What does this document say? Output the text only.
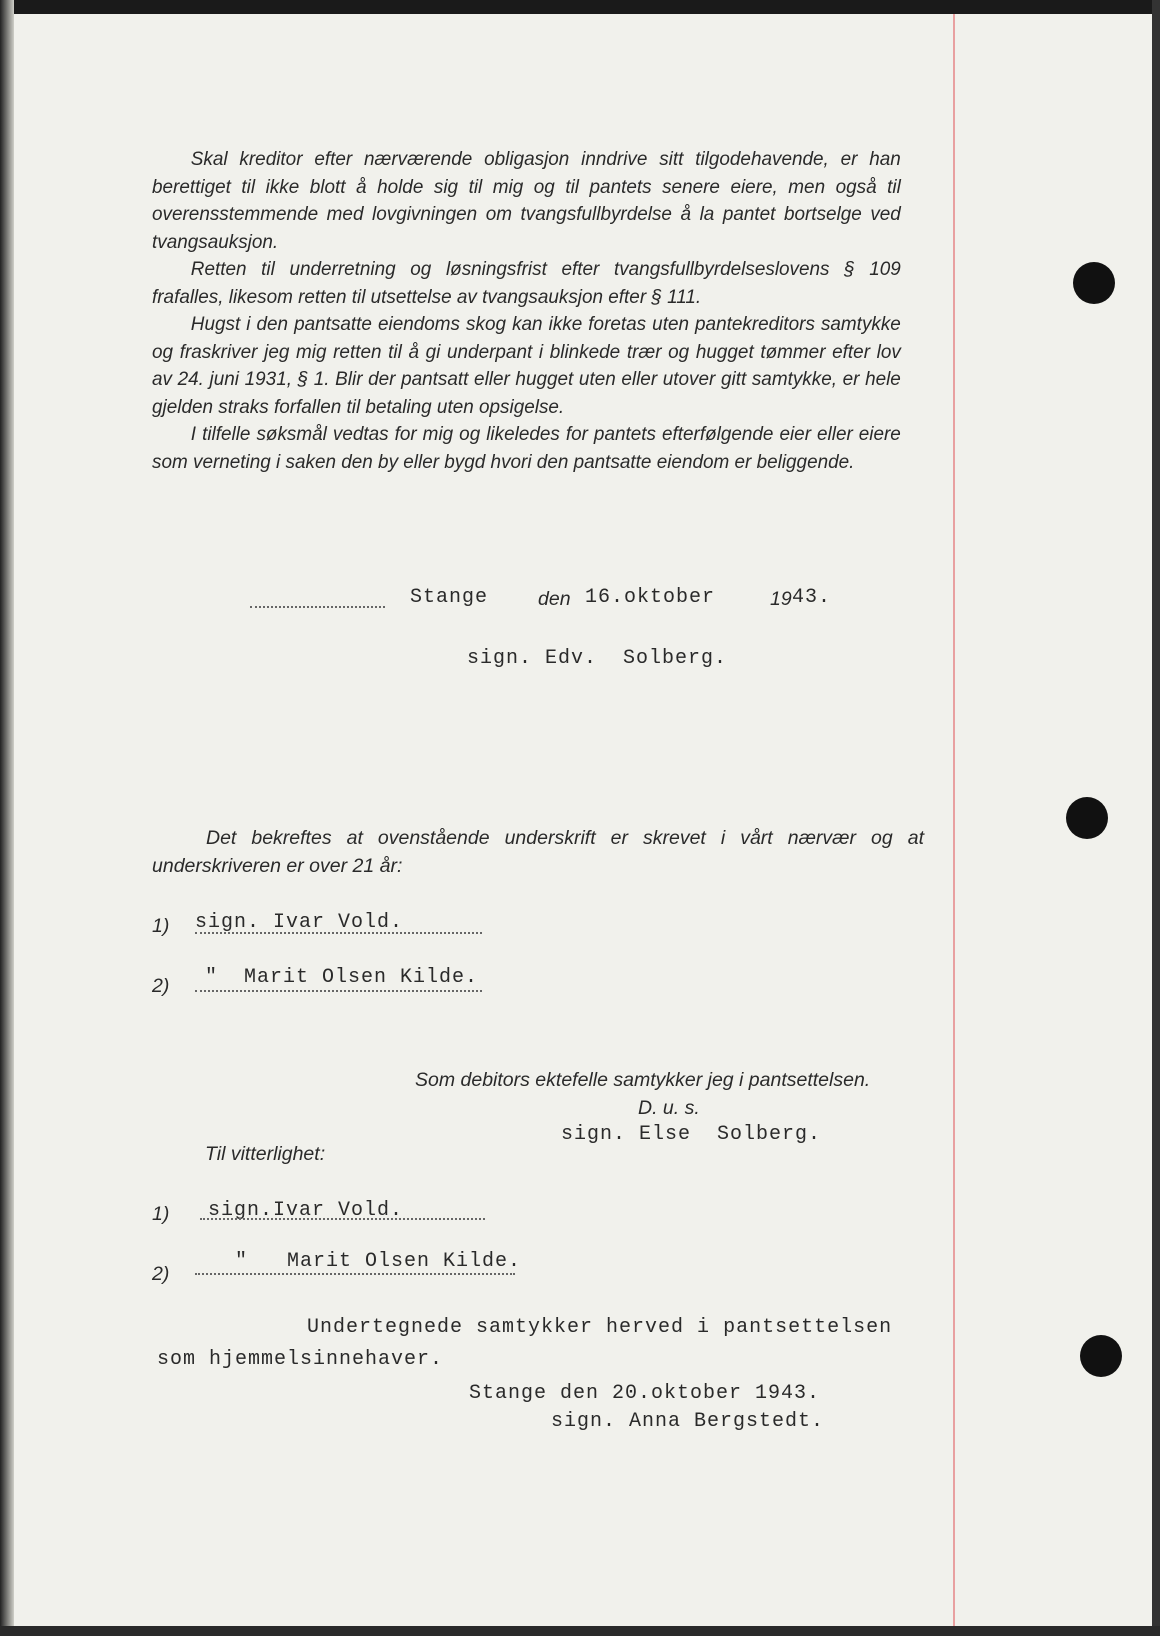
Skal kreditor efter nærværende obligasjon inndrive sitt tilgodehavende, er han berettiget til ikke blott å holde sig til mig og til pantets senere eiere, men også til overensstemmende med lovgivningen om tvangsfullbyrdelse å la pantet bortselge ved tvangsauksjon.

Retten til underretning og løsningsfrist efter tvangsfullbyrdelseslovens § 109 frafalles, likesom retten til utsettelse av tvangsauksjon efter § 111.

Hugst i den pantsatte eiendoms skog kan ikke foretas uten pantekreditors samtykke og fraskriver jeg mig retten til å gi underpant i blinkede trær og hugget tømmer efter lov av 24. juni 1931, § 1. Blir der pantsatt eller hugget uten eller utover gitt samtykke, er hele gjelden straks forfallen til betaling uten opsigelse.

I tilfelle søksmål vedtas for mig og likeledes for pantets efterfølgende eier eller eiere som verneting i saken den by eller bygd hvori den pantsatte eiendom er beliggende.

Stange	den 16.oktober	19 43.
sign. Edv.  Solberg.
Det bekreftes at ovenstående underskrift er skrevet i vårt nærvær og at underskriveren er over 21 år:
1) sign. Ivar Vold.
2) "  Marit Olsen Kilde.
Som debitors ektefelle samtykker jeg i pantsettelsen.
D. u. s.
sign. Else  Solberg.
Til vitterlighet:
1) sign.Ivar Vold.
2)
"   Marit Olsen Kilde.
Undertegnede samtykker herved i pantsettelsen
som hjemmelsinnehaver.
Stange den 20.oktober 1943.
sign. Anna Bergstedt.
